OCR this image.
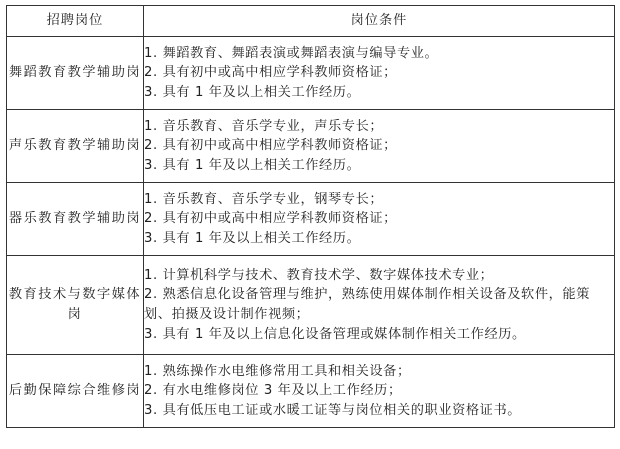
招聘岗位	岗位条件
舞蹈教育教学辅助岗	1. 舞蹈教育、舞蹈表演或舞蹈表演与编导专业。
2. 具有初中或高中相应学科教师资格证；
3. 具有 1 年及以上相关工作经历。

声乐教育教学辅助岗	1. 音乐教育、音乐学专业，声乐专长；
2. 具有初中或高中相应学科教师资格证；
3. 具有 1 年及以上相关工作经历。

器乐教育教学辅助岗	1. 音乐教育、音乐学专业，钢琴专长；
2. 具有初中或高中相应学科教师资格证；
3. 具有 1 年及以上相关工作经历。

教育技术与数字媒体岗	1. 计算机科学与技术、教育技术学、数字媒体技术专业；
2. 熟悉信息化设备管理与维护，熟练使用媒体制作相关设备及软件，能策划、拍摄及设计制作视频；
3. 具有 1 年及以上信息化设备管理或媒体制作相关工作经历。

后勤保障综合维修岗	1. 熟练操作水电维修常用工具和相关设备；
2. 有水电维修岗位 3 年及以上工作经历；
3. 具有低压电工证或水暖工证等与岗位相关的职业资格证书。
